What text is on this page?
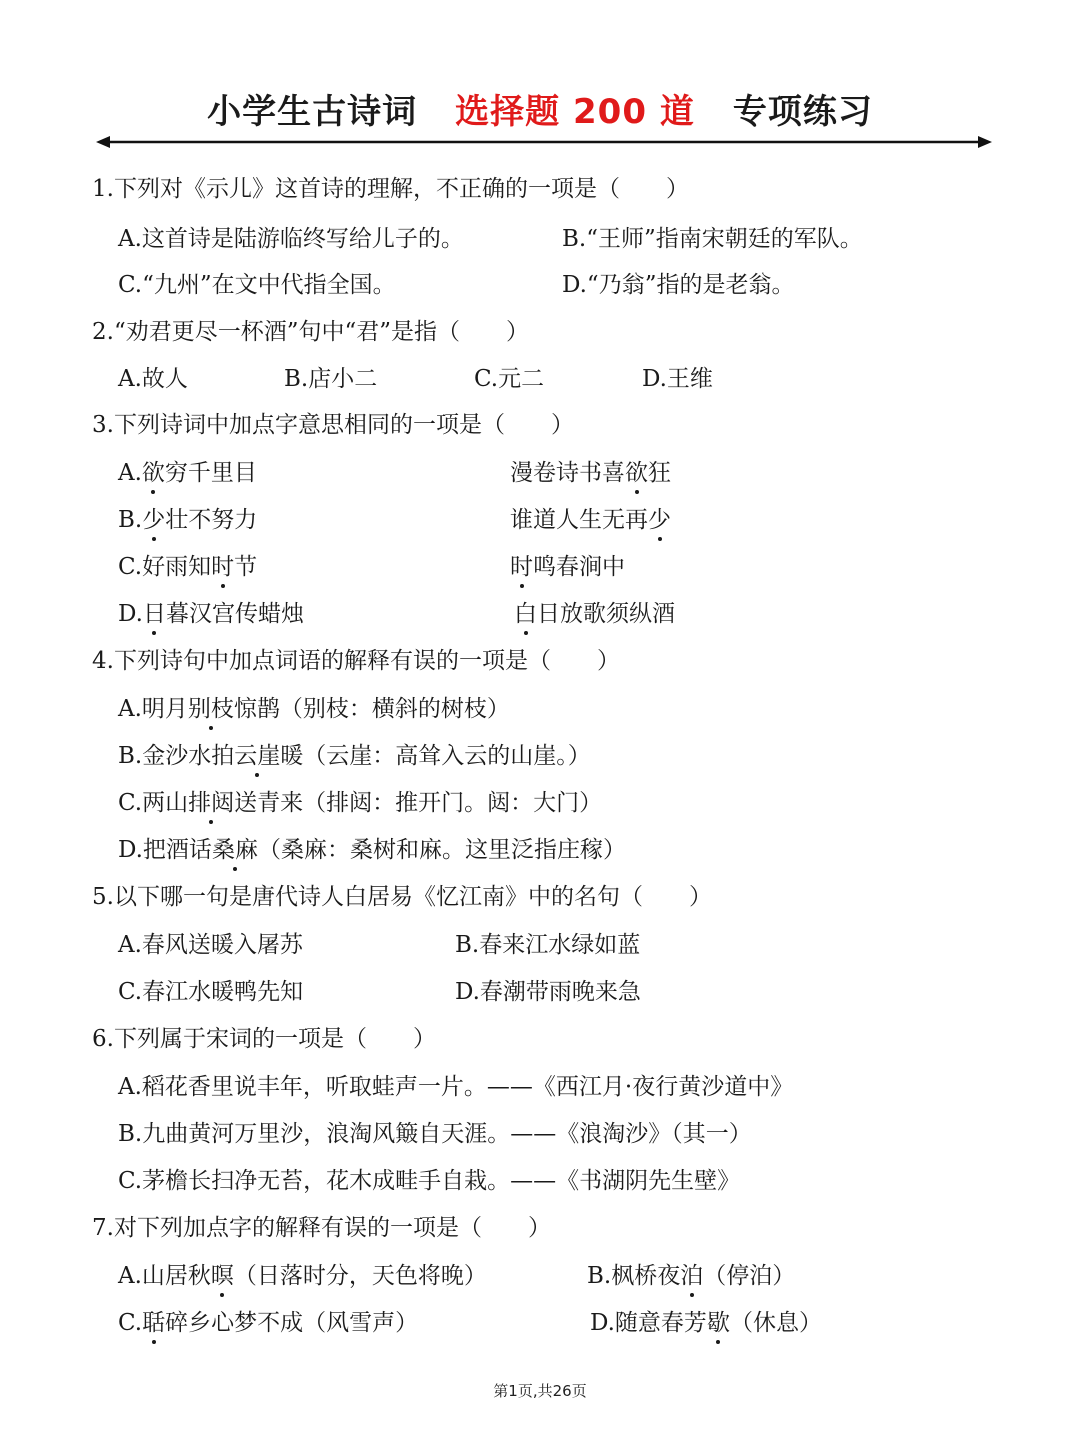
小学生古诗词 选择题 200 道 专项练习
1.下列对《示儿》这首诗的理解，不正确的一项是（　　）
A.这首诗是陆游临终写给儿子的。	B.“王师”指南宋朝廷的军队。
C.“九州”在文中代指全国。	D.“乃翁”指的是老翁。
2.“劝君更尽一杯酒”句中“君”是指（　　）
A.故人	B.店小二	C.元二	D.王维
3.下列诗词中加点字意思相同的一项是（　　）
A.欲穷千里目	漫卷诗书喜欲狂
B.少壮不努力	谁道人生无再少
C.好雨知时节	时鸣春涧中
D.日暮汉宫传蜡烛	白日放歌须纵酒
4.下列诗句中加点词语的解释有误的一项是（　　）
A.明月别枝惊鹊（别枝：横斜的树枝）
B.金沙水拍云崖暖（云崖：高耸入云的山崖。）
C.两山排闼送青来（排闼：推开门。闼：大门）
D.把酒话桑麻（桑麻：桑树和麻。这里泛指庄稼）
5.以下哪一句是唐代诗人白居易《忆江南》中的名句（　　）
A.春风送暖入屠苏	B.春来江水绿如蓝
C.春江水暖鸭先知	D.春潮带雨晚来急
6.下列属于宋词的一项是（　　）
A.稻花香里说丰年，听取蛙声一片。——《西江月·夜行黄沙道中》
B.九曲黄河万里沙，浪淘风簸自天涯。——《浪淘沙》（其一）
C.茅檐长扫净无苔，花木成畦手自栽。——《书湖阴先生壁》
7.对下列加点字的解释有误的一项是（　　）
A.山居秋暝（日落时分，天色将晚）	B.枫桥夜泊（停泊）
C.聒碎乡心梦不成（风雪声）	D.随意春芳歇（休息）
第1页,共26页
